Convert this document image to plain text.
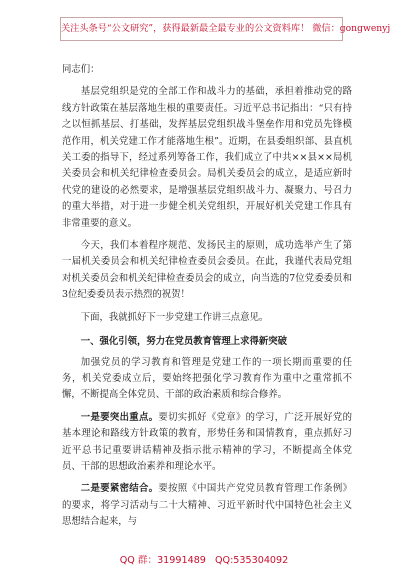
关注头条号“公文研究”，获得最新最全最专业的公文资料库！ 微信：gongwenyj

同志们：

基层党组织是党的全部工作和战斗力的基础，承担着推动党的路线方针政策在基层落地生根的重要责任。习近平总书记指出：“只有持之以恒抓基层、打基础，发挥基层党组织战斗堡垒作用和党员先锋模范作用，机关党建工作才能落地生根”。近期，在县委组织部、县直机关工委的指导下，经过系列筹备工作，我们成立了中共××县××局机关委员会和机关纪律检查委员会。局机关委员会的成立，是适应新时代党的建设的必然要求，是增强基层党组织战斗力、凝聚力、号召力的重大举措，对于进一步健全机关党组织，开展好机关党建工作具有非常重要的意义。

今天，我们本着程序规范、发扬民主的原则，成功选举产生了第一届机关委员会和机关纪律检查委员会委员。在此，我谨代表局党组对机关委员会和机关纪律检查委员会的成立，向当选的7位党委委员和3位纪委委员表示热烈的祝贺！

下面，我就抓好下一步党建工作讲三点意见。

一、强化引领，努力在党员教育管理上求得新突破

加强党员的学习教育和管理是党建工作的一项长期而重要的任务，机关党委成立后，要始终把强化学习教育作为重中之重常抓不懈，不断提高全体党员、干部的政治素质和综合修养。

一是要突出重点。要切实抓好《党章》的学习，广泛开展好党的基本理论和路线方针政策的教育，形势任务和国情教育，重点抓好习近平总书记重要讲话精神及指示批示精神的学习，不断提高全体党员、干部的思想政治素养和理论水平。

二是要紧密结合。要按照《中国共产党党员教育管理工作条例》的要求，将学习活动与二十大精神、习近平新时代中国特色社会主义思想结合起来，与

QQ 群：31991489 QQ:535304092
